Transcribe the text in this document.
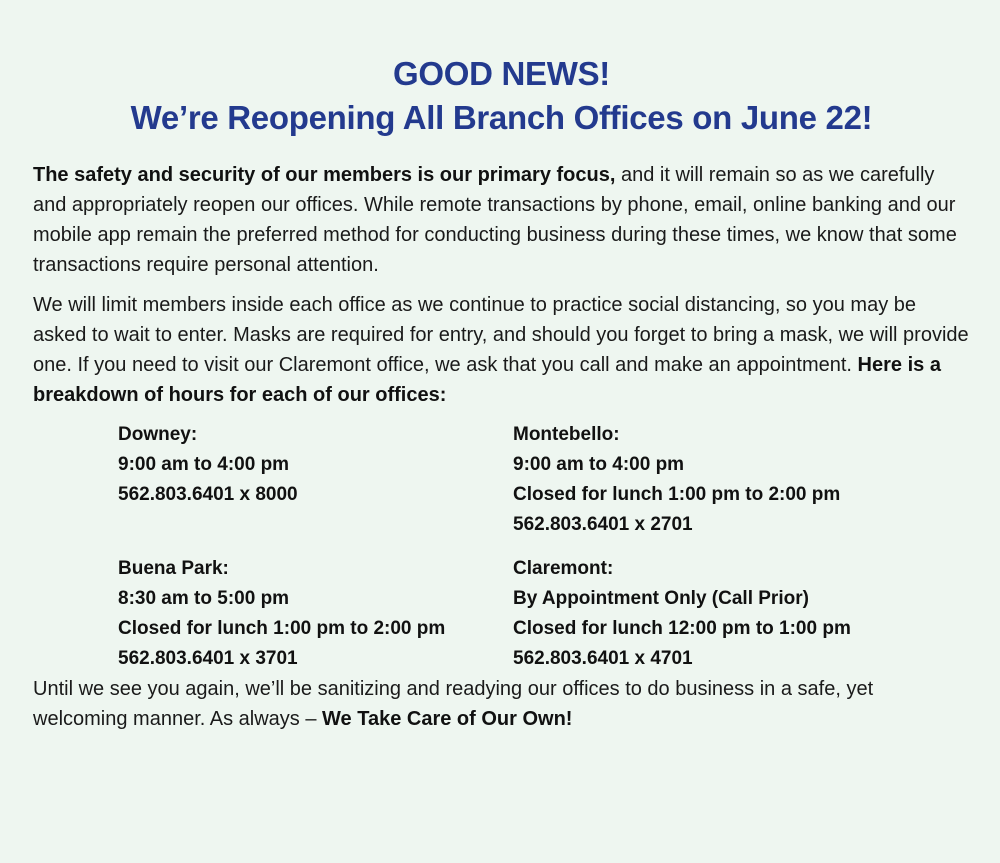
GOOD NEWS!
We’re Reopening All Branch Offices on June 22!

The safety and security of our members is our primary focus, and it will remain so as we carefully and appropriately reopen our offices. While remote transactions by phone, email, online banking and our mobile app remain the preferred method for conducting business during these times, we know that some transactions require personal attention.

We will limit members inside each office as we continue to practice social distancing, so you may be asked to wait to enter. Masks are required for entry, and should you forget to bring a mask, we will provide one. If you need to visit our Claremont office, we ask that you call and make an appointment. Here is a breakdown of hours for each of our offices:

Downey:
9:00 am to 4:00 pm
562.803.6401 x 8000
Montebello:
9:00 am to 4:00 pm
Closed for lunch 1:00 pm to 2:00 pm
562.803.6401 x 2701
Buena Park:
8:30 am to 5:00 pm
Closed for lunch 1:00 pm to 2:00 pm
562.803.6401 x 3701
Claremont:
By Appointment Only (Call Prior)
Closed for lunch 12:00 pm to 1:00 pm
562.803.6401 x 4701

Until we see you again, we’ll be sanitizing and readying our offices to do business in a safe, yet welcoming manner. As always – We Take Care of Our Own!
